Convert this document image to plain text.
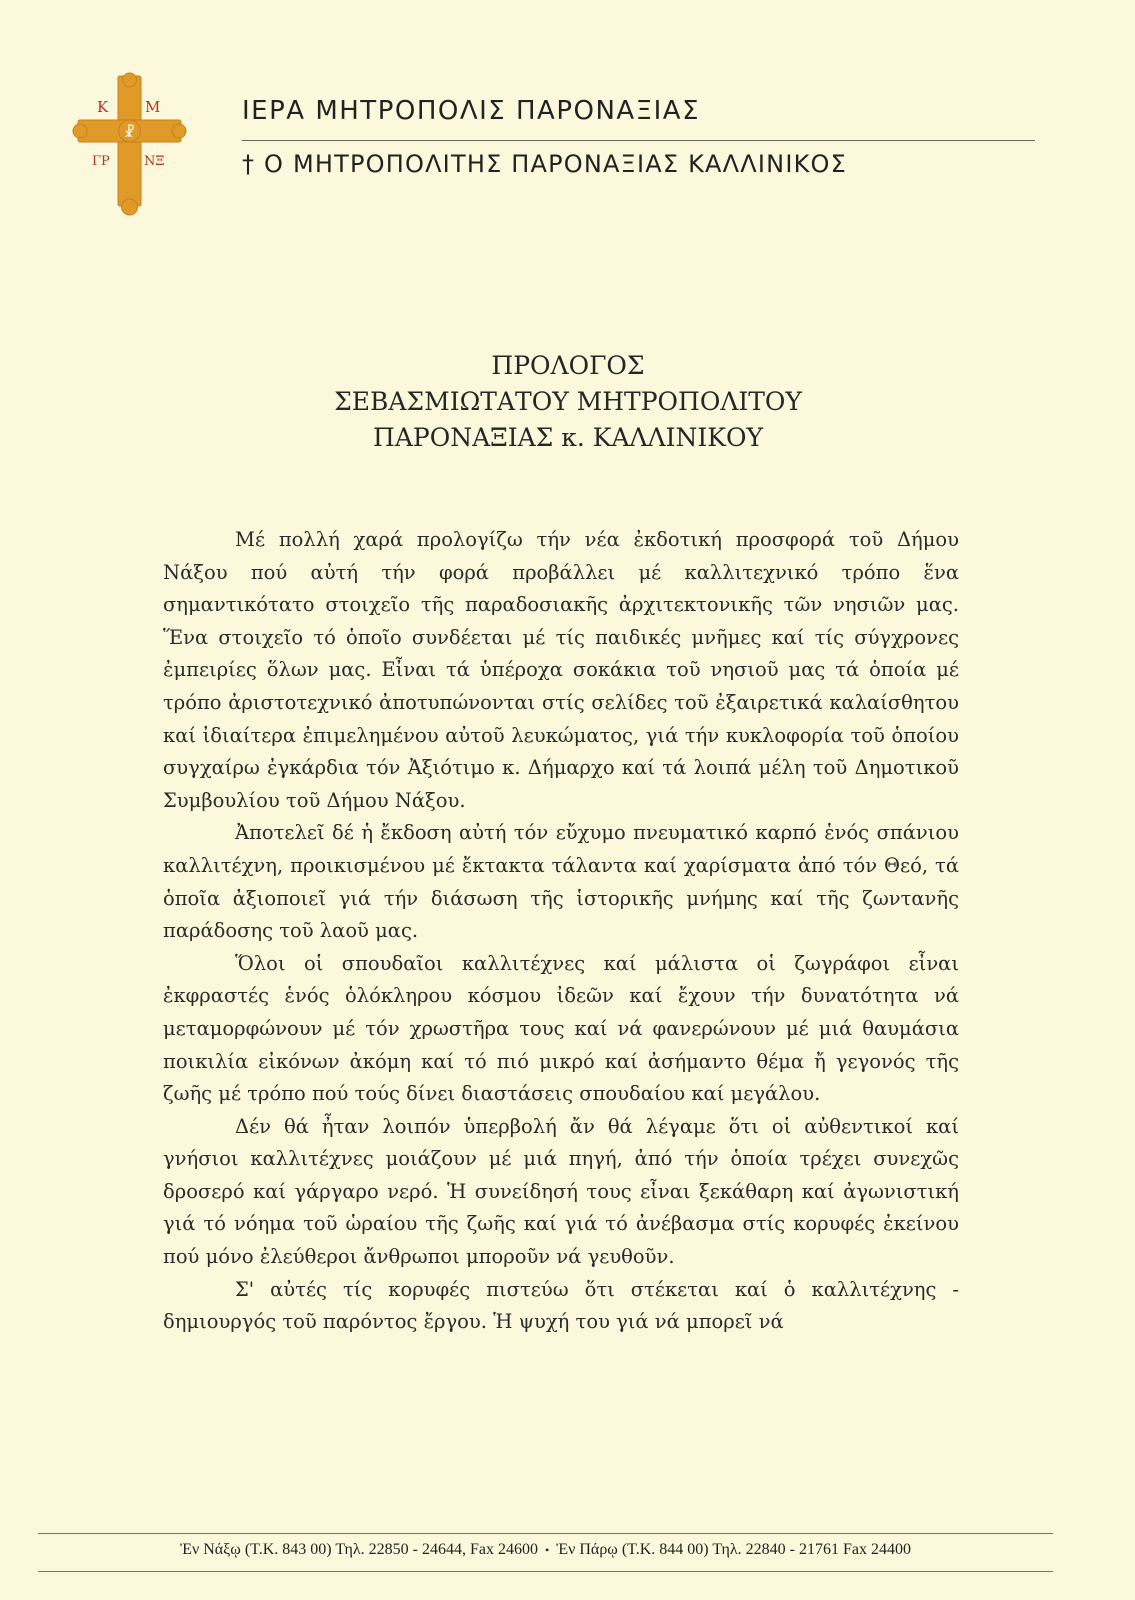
Κ Μ
ΓΡ	ΝΞ
☧
ΙΕΡΑ ΜΗΤΡΟΠΟΛΙΣ ΠΑΡΟΝΑΞΙΑΣ
† Ο ΜΗΤΡΟΠΟΛΙΤΗΣ ΠΑΡΟΝΑΞΙΑΣ ΚΑΛΛΙΝΙΚΟΣ
ΠΡΟΛΟΓΟΣ
ΣΕΒΑΣΜΙΩΤΑΤΟΥ ΜΗΤΡΟΠΟΛΙΤΟΥ
ΠΑΡΟΝΑΞΙΑΣ κ. ΚΑΛΛΙΝΙΚΟΥ

Μέ πολλή χαρά προλογίζω τήν νέα ἐκδοτική προσφορά τοῦ Δήμου Νάξου πού αὐτή τήν φορά προβάλλει μέ καλλιτεχνικό τρόπο ἕνα σημαντικότατο στοιχεῖο τῆς παραδοσιακῆς ἀρχιτεκτονικῆς τῶν νησιῶν μας. Ἕνα στοιχεῖο τό ὁποῖο συνδέεται μέ τίς παιδικές μνῆμες καί τίς σύγχρονες ἐμπειρίες ὅλων μας. Εἶναι τά ὑπέροχα σοκάκια τοῦ νησιοῦ μας τά ὁποία μέ τρόπο ἀριστοτεχνικό ἀποτυπώνονται στίς σελίδες τοῦ ἐξαιρετικά καλαίσθητου καί ἰδιαίτερα ἐπιμελημένου αὐτοῦ λευκώματος, γιά τήν κυκλοφορία τοῦ ὁποίου συγχαίρω ἐγκάρδια τόν Ἀξιότιμο κ. Δήμαρχο καί τά λοιπά μέλη τοῦ Δημοτικοῦ Συμβουλίου τοῦ Δήμου Νάξου.

Ἀποτελεῖ δέ ἡ ἔκδοση αὐτή τόν εὔχυμο πνευματικό καρπό ἑνός σπάνιου καλλιτέχνη, προικισμένου μέ ἔκτακτα τάλαντα καί χαρίσματα ἀπό τόν Θεό, τά ὁποῖα ἀξιοποιεῖ γιά τήν διάσωση τῆς ἱστορικῆς μνήμης καί τῆς ζωντανῆς παράδοσης τοῦ λαοῦ μας.

Ὅλοι οἱ σπουδαῖοι καλλιτέχνες καί μάλιστα οἱ ζωγράφοι εἶναι ἐκφραστές ἑνός ὁλόκληρου κόσμου ἰδεῶν καί ἔχουν τήν δυνατότητα νά μεταμορφώνουν μέ τόν χρωστῆρα τους καί νά φανερώνουν μέ μιά θαυμάσια ποικιλία εἰκόνων ἀκόμη καί τό πιό μικρό καί ἀσήμαντο θέμα ἤ γεγονός τῆς ζωῆς μέ τρόπο πού τούς δίνει διαστάσεις σπουδαίου καί μεγάλου.

Δέν θά ἦταν λοιπόν ὑπερβολή ἄν θά λέγαμε ὅτι οἱ αὐθεντικοί καί γνήσιοι καλλιτέχνες μοιάζουν μέ μιά πηγή, ἀπό τήν ὁποία τρέχει συνεχῶς δροσερό καί γάργαρο νερό. Ἡ συνείδησή τους εἶναι ξεκάθαρη καί ἀγωνιστική γιά τό νόημα τοῦ ὡραίου τῆς ζωῆς καί γιά τό ἀνέβασμα στίς κορυφές ἐκείνου πού μόνο ἐλεύθεροι ἄνθρωποι μποροῦν νά γευθοῦν.

Σ' αὐτές τίς κορυφές πιστεύω ὅτι στέκεται καί ὁ καλλιτέχνης - δημιουργός τοῦ παρόντος ἔργου. Ἡ ψυχή του γιά νά μπορεῖ νά

Ἐν Νάξῳ (Τ.Κ. 843 00) Τηλ. 22850 - 24644, Fax 24600 • Ἐν Πάρῳ (Τ.Κ. 844 00) Τηλ. 22840 - 21761 Fax 24400
